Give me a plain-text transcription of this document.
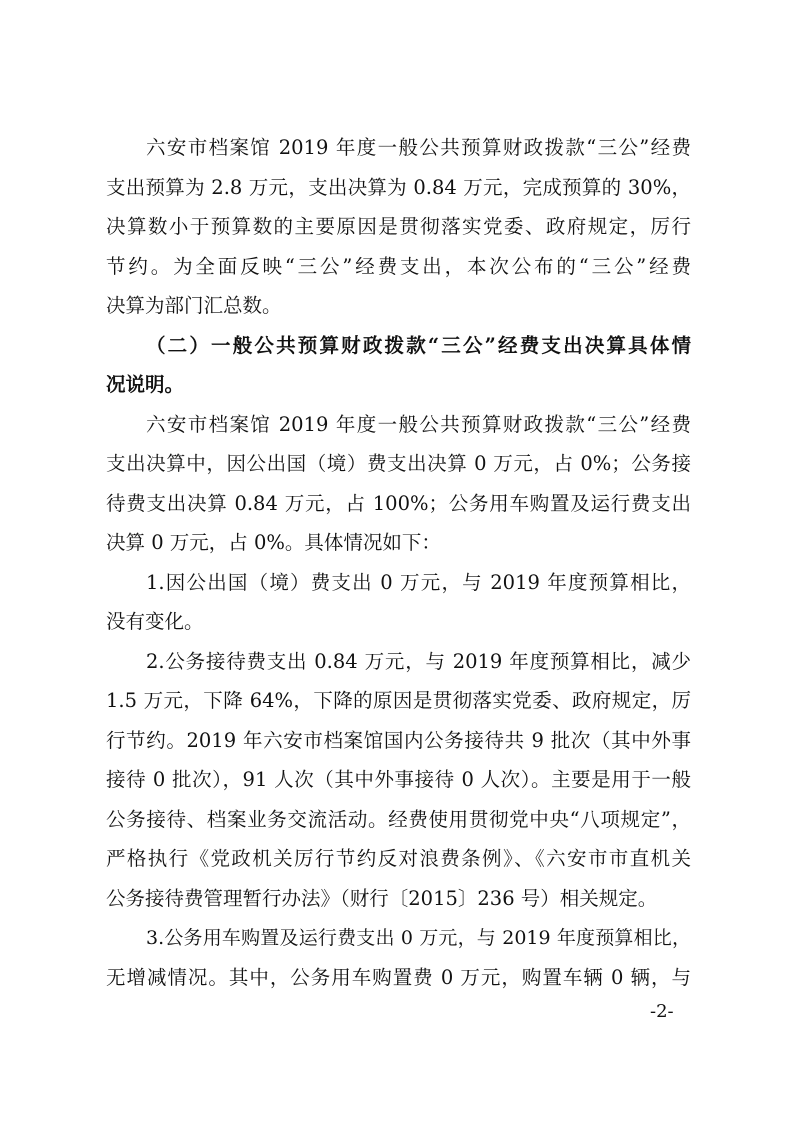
六安市档案馆 2019 年度一般公共预算财政拨款“三公”经费
支出预算为 2.8 万元，支出决算为 0.84 万元，完成预算的 30%，
决算数小于预算数的主要原因是贯彻落实党委、政府规定，厉行
节约。为全面反映“三公”经费支出，本次公布的“三公”经费
决算为部门汇总数。
（二）一般公共预算财政拨款“三公”经费支出决算具体情
况说明。
六安市档案馆 2019 年度一般公共预算财政拨款“三公”经费
支出决算中，因公出国（境）费支出决算 0 万元，占 0%；公务接
待费支出决算 0.84 万元，占 100%；公务用车购置及运行费支出
决算 0 万元，占 0%。具体情况如下：
1.因公出国（境）费支出 0 万元，与 2019 年度预算相比，
没有变化。
2.公务接待费支出 0.84 万元，与 2019 年度预算相比，减少
1.5 万元，下降 64%，下降的原因是贯彻落实党委、政府规定，厉
行节约。2019 年六安市档案馆国内公务接待共 9 批次（其中外事
接待 0 批次），91 人次（其中外事接待 0 人次）。主要是用于一般
公务接待、档案业务交流活动。经费使用贯彻党中央“八项规定”，
严格执行《党政机关厉行节约反对浪费条例》、《六安市市直机关
公务接待费管理暂行办法》（财行〔2015〕236 号）相关规定。
3.公务用车购置及运行费支出 0 万元，与 2019 年度预算相比，
无增减情况。其中，公务用车购置费 0 万元，购置车辆 0 辆，与
-2-
